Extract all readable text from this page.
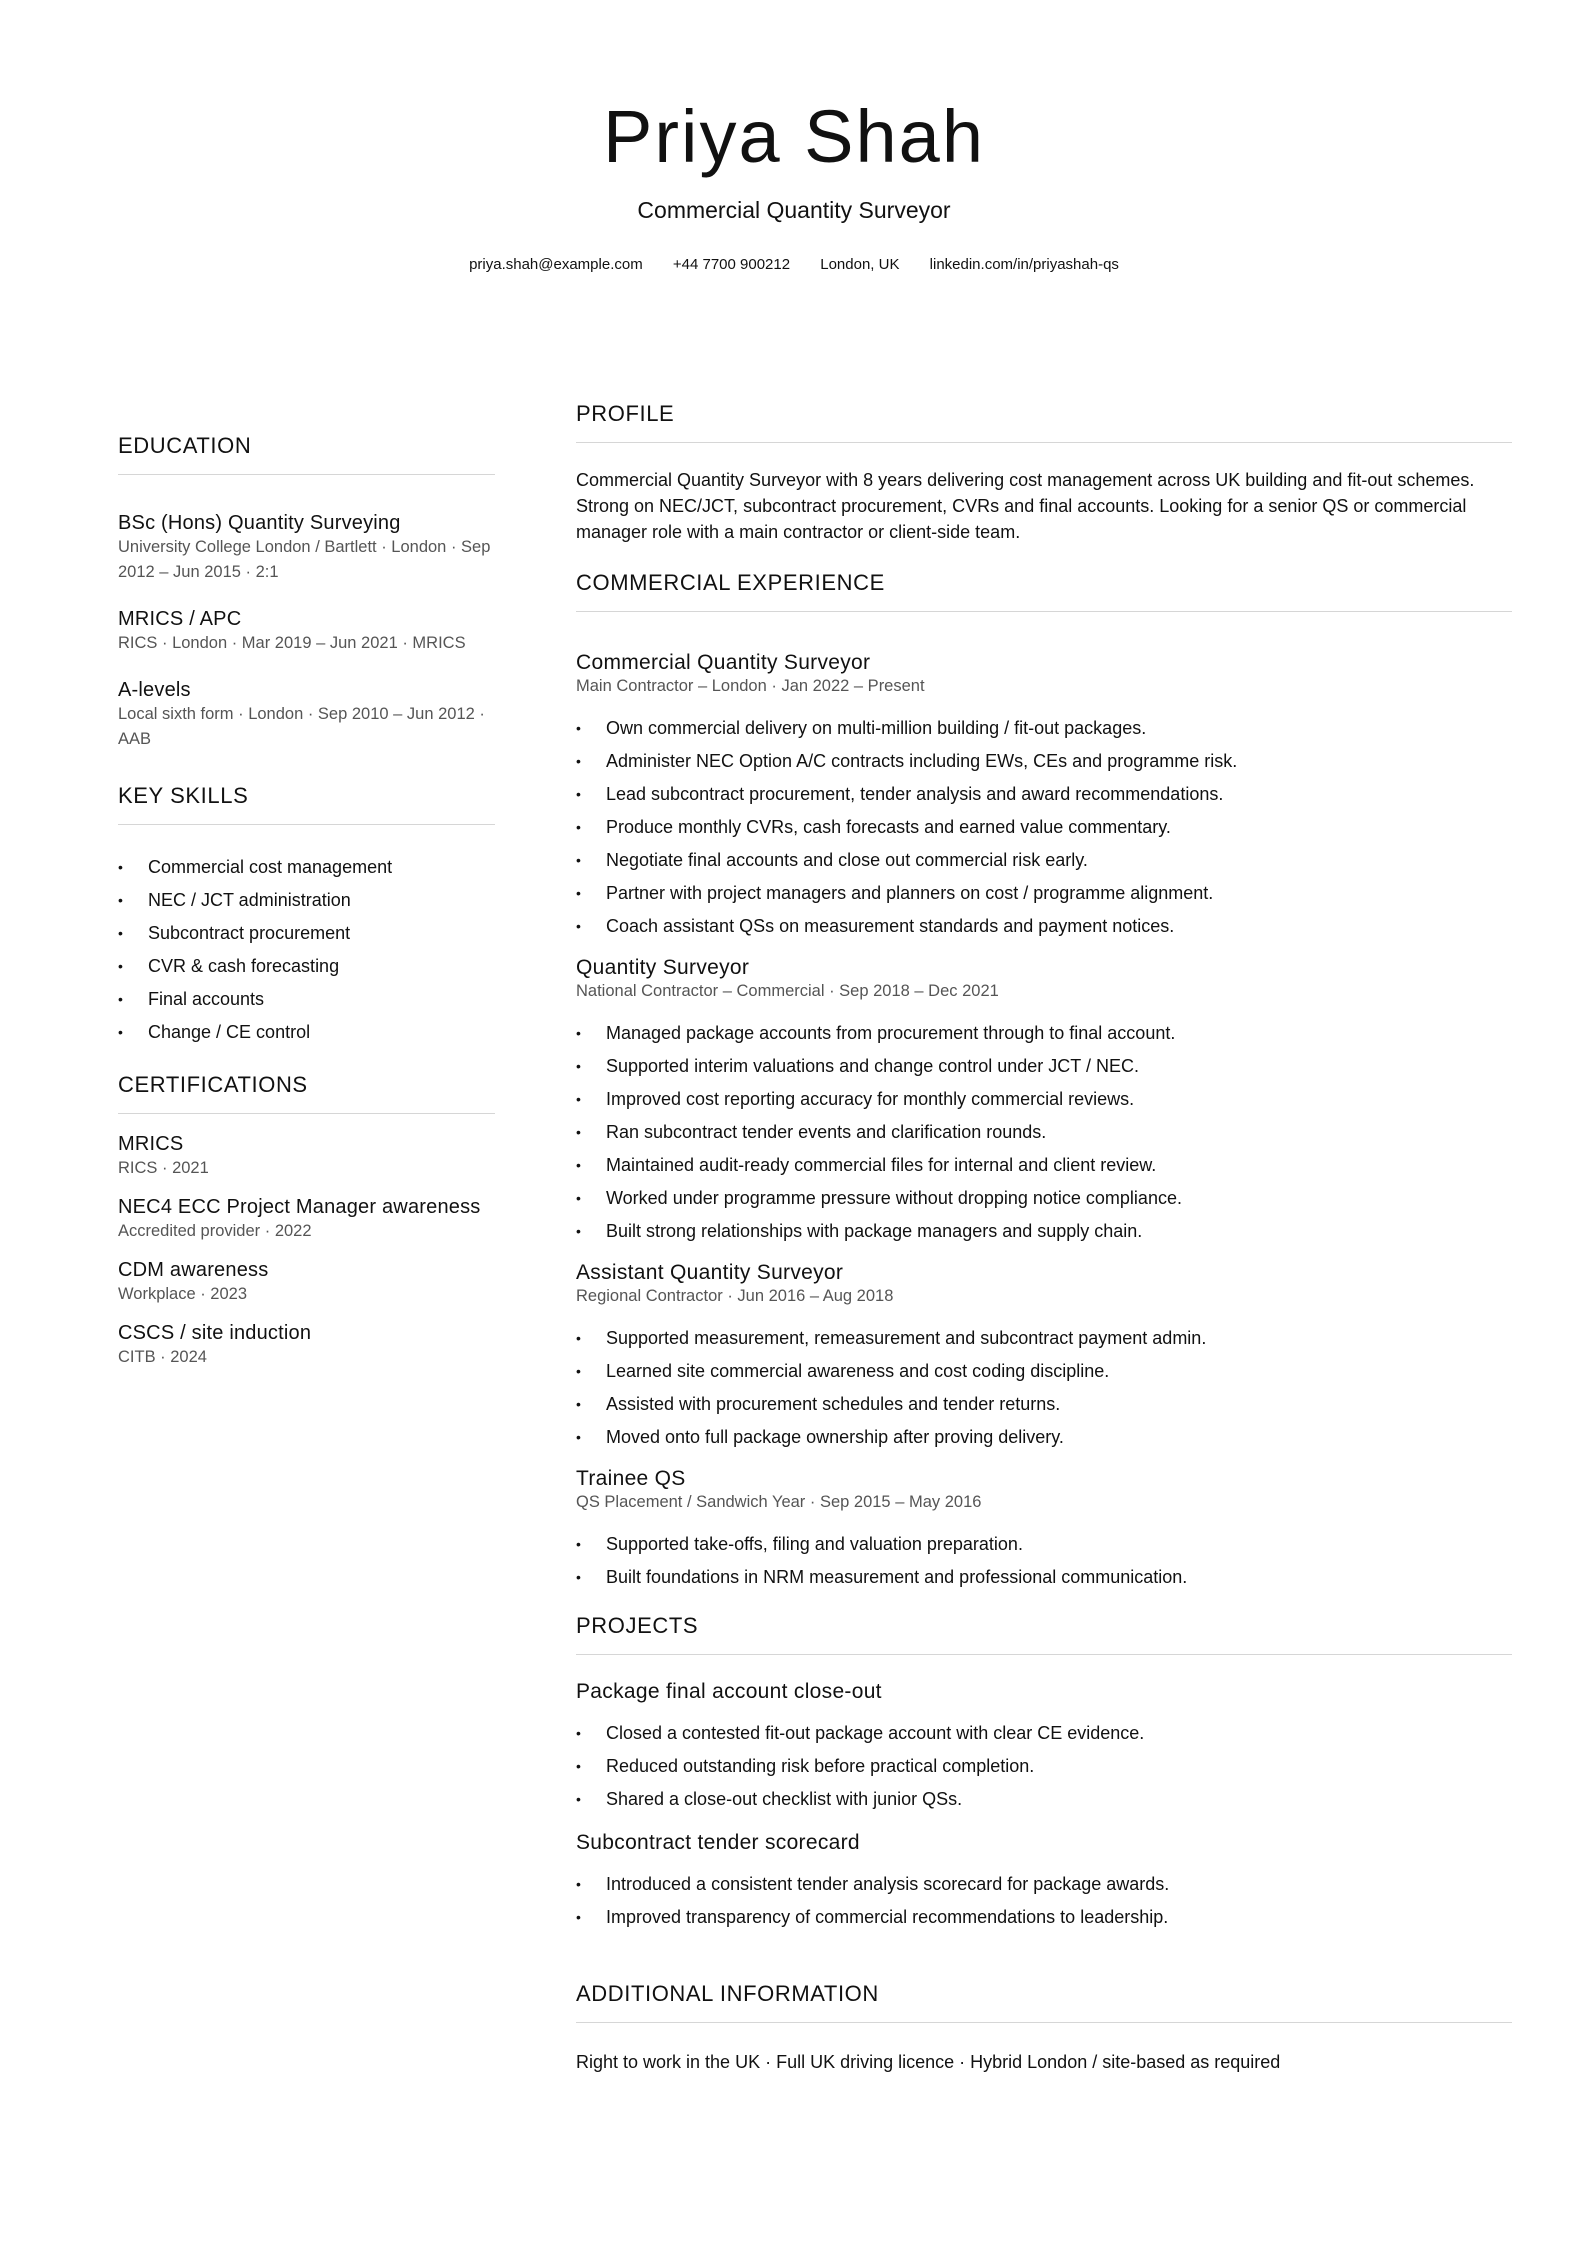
Priya Shah
Commercial Quantity Surveyor
priya.shah@example.com +44 7700 900212 London, UK linkedin.com/in/priyashah-qs
EDUCATION
BSc (Hons) Quantity Surveying
University College London / Bartlett · London · Sep 2012 – Jun 2015 · 2:1
MRICS / APC
RICS · London · Mar 2019 – Jun 2021 · MRICS
A-levels
Local sixth form · London · Sep 2010 – Jun 2012 · AAB
KEY SKILLS
• Commercial cost management
• NEC / JCT administration
• Subcontract procurement
• CVR & cash forecasting
• Final accounts
• Change / CE control
CERTIFICATIONS
MRICS
RICS · 2021
NEC4 ECC Project Manager awareness
Accredited provider · 2022
CDM awareness
Workplace · 2023
CSCS / site induction
CITB · 2024
PROFILE
Commercial Quantity Surveyor with 8 years delivering cost management across UK building and fit-out schemes. Strong on NEC/JCT, subcontract procurement, CVRs and final accounts. Looking for a senior QS or commercial manager role with a main contractor or client-side team.
COMMERCIAL EXPERIENCE
Commercial Quantity Surveyor
Main Contractor – London · Jan 2022 – Present
• Own commercial delivery on multi-million building / fit-out packages.
• Administer NEC Option A/C contracts including EWs, CEs and programme risk.
• Lead subcontract procurement, tender analysis and award recommendations.
• Produce monthly CVRs, cash forecasts and earned value commentary.
• Negotiate final accounts and close out commercial risk early.
• Partner with project managers and planners on cost / programme alignment.
• Coach assistant QSs on measurement standards and payment notices.
Quantity Surveyor
National Contractor – Commercial · Sep 2018 – Dec 2021
• Managed package accounts from procurement through to final account.
• Supported interim valuations and change control under JCT / NEC.
• Improved cost reporting accuracy for monthly commercial reviews.
• Ran subcontract tender events and clarification rounds.
• Maintained audit-ready commercial files for internal and client review.
• Worked under programme pressure without dropping notice compliance.
• Built strong relationships with package managers and supply chain.
Assistant Quantity Surveyor
Regional Contractor · Jun 2016 – Aug 2018
• Supported measurement, remeasurement and subcontract payment admin.
• Learned site commercial awareness and cost coding discipline.
• Assisted with procurement schedules and tender returns.
• Moved onto full package ownership after proving delivery.
Trainee QS
QS Placement / Sandwich Year · Sep 2015 – May 2016
• Supported take-offs, filing and valuation preparation.
• Built foundations in NRM measurement and professional communication.
PROJECTS
Package final account close-out
• Closed a contested fit-out package account with clear CE evidence.
• Reduced outstanding risk before practical completion.
• Shared a close-out checklist with junior QSs.
Subcontract tender scorecard
• Introduced a consistent tender analysis scorecard for package awards.
• Improved transparency of commercial recommendations to leadership.
ADDITIONAL INFORMATION
Right to work in the UK · Full UK driving licence · Hybrid London / site-based as required
